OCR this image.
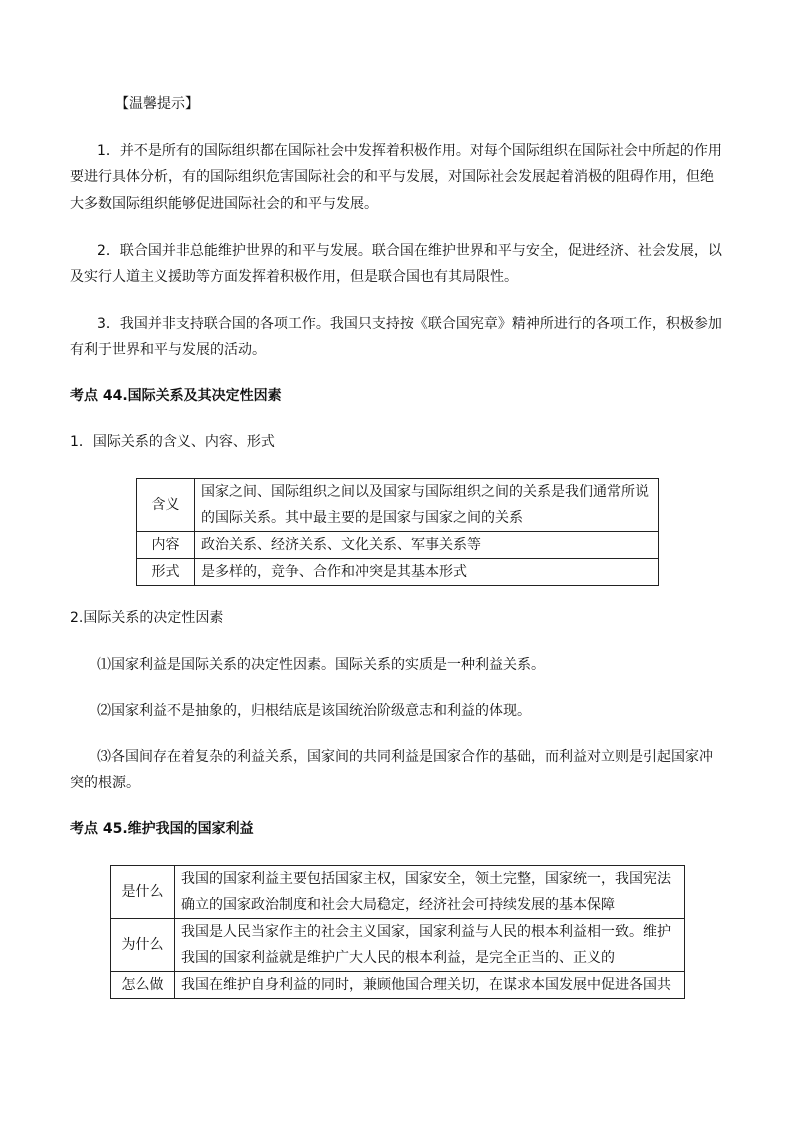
【温馨提示】
1．并不是所有的国际组织都在国际社会中发挥着积极作用。对每个国际组织在国际社会中所起的作用
要进行具体分析，有的国际组织危害国际社会的和平与发展，对国际社会发展起着消极的阻碍作用，但绝
大多数国际组织能够促进国际社会的和平与发展。
2．联合国并非总能维护世界的和平与发展。联合国在维护世界和平与安全，促进经济、社会发展，以
及实行人道主义援助等方面发挥着积极作用，但是联合国也有其局限性。
3．我国并非支持联合国的各项工作。我国只支持按《联合国宪章》精神所进行的各项工作，积极参加
有利于世界和平与发展的活动。
考点 44.国际关系及其决定性因素
1．国际关系的含义、内容、形式
含义	国家之间、国际组织之间以及国家与国际组织之间的关系是我们通常所说
的国际关系。其中最主要的是国家与国家之间的关系

内容	政治关系、经济关系、文化关系、军事关系等

形式	是多样的，竞争、合作和冲突是其基本形式
2.国际关系的决定性因素
⑴国家利益是国际关系的决定性因素。国际关系的实质是一种利益关系。
⑵国家利益不是抽象的，归根结底是该国统治阶级意志和利益的体现。
⑶各国间存在着复杂的利益关系，国家间的共同利益是国家合作的基础，而利益对立则是引起国家冲
突的根源。
考点 45.维护我国的国家利益
是什么	我国的国家利益主要包括国家主权，国家安全，领土完整，国家统一，我国宪法
确立的国家政治制度和社会大局稳定，经济社会可持续发展的基本保障

为什么	我国是人民当家作主的社会主义国家，国家利益与人民的根本利益相一致。维护
我国的国家利益就是维护广大人民的根本利益，是完全正当的、正义的

怎么做	我国在维护自身利益的同时，兼顾他国合理关切，在谋求本国发展中促进各国共
